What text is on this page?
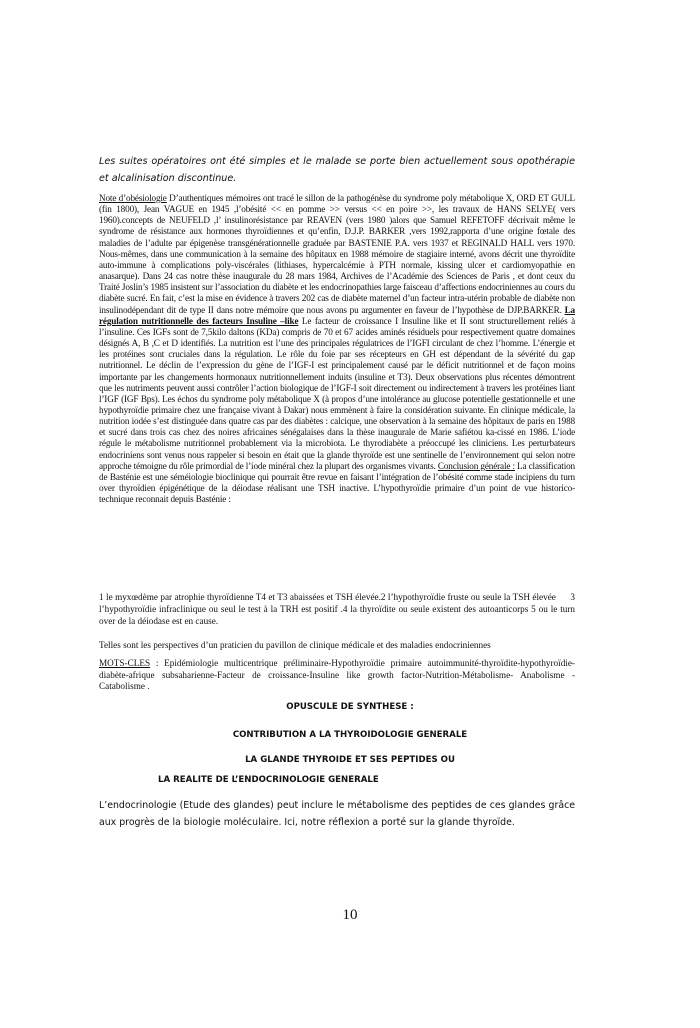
Les suites opératoires ont été simples et le malade se porte bien actuellement sous opothérapie et alcalinisation discontinue.

Note d’obésiologie D’authentiques mémoires ont tracé le sillon de la pathogénèse du syndrome poly métabolique X, ORD ET GULL (fin 1800), Jean VAGUE en 1945 ,l’obésité << en pomme >> versus << en poire >>, les travaux de HANS SELYE( vers 1960).concepts de NEUFELD ,l’ insulinorésistance par REAVEN (vers 1980 )alors que Samuel REFETOFF décrivait même le syndrome de résistance aux hormones thyroïdiennes et qu’enfin, D.J.P. BARKER ,vers 1992,rapporta d’une origine fœtale des maladies de l’adulte par épigenèse transgénérationnelle graduée par BASTENIE P.A. vers 1937 et REGINALD HALL vers 1970. Nous-mêmes, dans une communication à la semaine des hôpitaux en 1988 mémoire de stagiaire interné, avons décrit une thyroïdite auto-immune à complications poly-viscérales (lithiases, hypercalcémie à PTH normale, kissing ulcer et cardiomyopathie en anasarque). Dans 24 cas notre thèse inaugurale du 28 mars 1984, Archives de l’Académie des Sciences de Paris , et dont ceux du Traité Joslin’s 1985 insistent sur l’association du diabète et les endocrinopathies large faisceau d’affections endocriniennes au cours du diabète sucré. En fait, c’est la mise en évidence à travers 202 cas de diabète maternel d’un facteur intra-utérin probable de diabète non insulinodépendant dit de type II dans notre mémoire que nous avons pu argumenter en faveur de l’hypothèse de DJP.BARKER. La régulation nutritionnelle des facteurs Insuline –like Le facteur de croissance I Insuline like et II sont structurellement reliés à l’insuline. Ces IGFs sont de 7,5kilo daltons (KDa) compris de 70 et 67 acides aminés résiduels pour respectivement quatre domaines désignés A, B ,C et D identifiés. La nutrition est l’une des principales régulatrices de l’IGFI circulant de chez l’homme. L’énergie et les protéines sont cruciales dans la régulation. Le rôle du foie par ses récepteurs en GH est dépendant de la sévérité du gap nutritionnel. Le déclin de l’expression du gène de l’IGF-I est principalement causé par le déficit nutritionnel et de façon moins importante par les changements hormonaux nutritionnellement induits (insuline et T3). Deux observations plus récentes démontrent que les nutriments peuvent aussi contrôler l’action biologique de l’IGF-I soit directement ou indirectement à travers les protéines liant l’IGF (IGF Bps). Les échos du syndrome poly métabolique X (à propos d’une intolérance au glucose potentielle gestationnelle et une hypothyroïdie primaire chez une française vivant à Dakar) nous emmènent à faire la considération suivante. En clinique médicale, la nutrition iodée s’est distinguée dans quatre cas par des diabètes : calcique, une observation à la semaine des hôpitaux de paris en 1988 et sucré dans trois cas chez des noires africaines sénégalaises dans la thèse inaugurale de Marie safiétou ka-cissé en 1986. L’iode régule le métabolisme nutritionnel probablement via la microbiota. Le thyrodiabète a préoccupé les cliniciens. Les perturbateurs endocriniens sont venus nous rappeler si besoin en était que la glande thyroïde est une sentinelle de l’environnement qui selon notre approche témoigne du rôle primordial de l’iode minéral chez la plupart des organismes vivants. Conclusion générale : La classification de Basténie est une séméiologie bioclinique qui pourrait être revue en faisant l’intégration de l’obésité comme stade incipiens du turn over thyroïdien épigénétique de la déiodase réalisant une TSH inactive. L’hypothyroïdie primaire d’un point de vue historico-technique reconnait depuis Basténie :

1 le myxœdème par atrophie thyroïdienne T4 et T3 abaissées et TSH élevée.2 l’hypothyroïdie fruste ou seule la TSH élevée      3 l’hypothyroïdie infraclinique ou seul le test à la TRH est positif .4 la thyroïdite ou seule existent des autoanticorps 5 ou le turn over de la déiodase est en cause.

Telles sont les perspectives d’un praticien du pavillon de clinique médicale et des maladies endocriniennes

MOTS-CLES : Epidémiologie multicentrique préliminaire-Hypothyroïdie primaire autoimmunité-thyroïdite-hypothyroïdie-diabète-afrique subsaharienne-Facteur de croissance-Insuline like growth factor-Nutrition-Métabolisme- Anabolisme -Catabolisme .

OPUSCULE DE SYNTHESE :
CONTRIBUTION A LA THYROIDOLOGIE GENERALE
LA GLANDE THYROIDE ET SES PEPTIDES OU
LA REALITE DE L’ENDOCRINOLOGIE GENERALE

L’endocrinologie (Etude des glandes) peut inclure le métabolisme des peptides de ces glandes grâce aux progrès de la biologie moléculaire. Ici, notre réflexion a porté sur la glande thyroïde.

10
